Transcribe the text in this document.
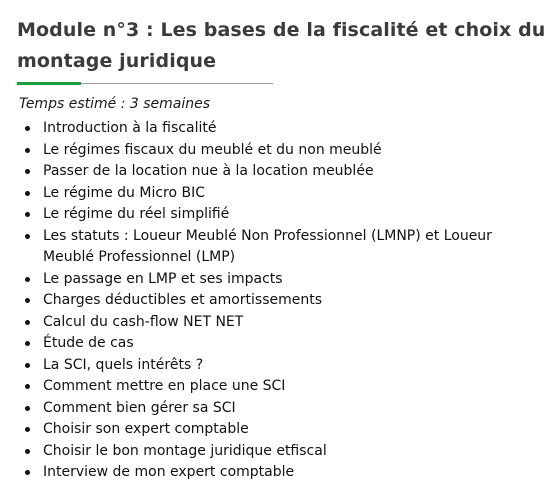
Module n°3 : Les bases de la fiscalité et choix du montage juridique

Temps estimé : 3 semaines

Introduction à la fiscalité
Le régimes fiscaux du meublé et du non meublé
Passer de la location nue à la location meublée
Le régime du Micro BIC
Le régime du réel simplifié
Les statuts : Loueur Meublé Non Professionnel (LMNP) et Loueur Meublé Professionnel (LMP)
Le passage en LMP et ses impacts
Charges déductibles et amortissements
Calcul du cash-flow NET NET
Étude de cas
La SCI, quels intérêts ?
Comment mettre en place une SCI
Comment bien gérer sa SCI
Choisir son expert comptable
Choisir le bon montage juridique etfiscal
Interview de mon expert comptable
